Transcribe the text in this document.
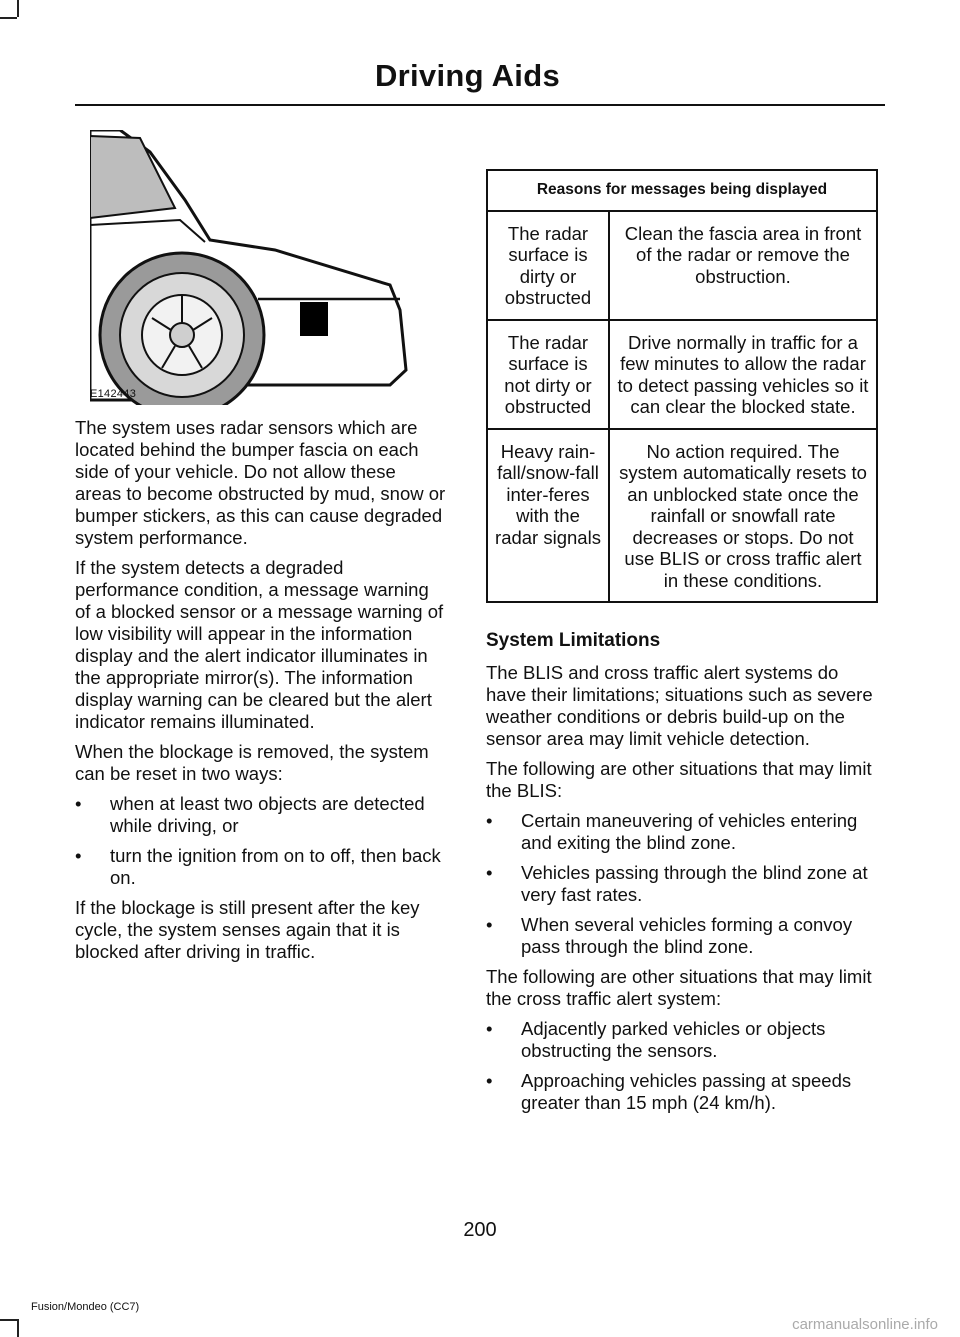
Driving Aids
E142443

The system uses radar sensors which are located behind the bumper fascia on each side of your vehicle. Do not allow these areas to become obstructed by mud, snow or bumper stickers, as this can cause degraded system performance.

If the system detects a degraded performance condition, a message warning of a blocked sensor or a message warning of low visibility will appear in the information display and the alert indicator illuminates in the appropriate mirror(s). The information display warning can be cleared but the alert indicator remains illuminated.

When the blockage is removed, the system can be reset in two ways:

• when at least two objects are detected while driving, or
• turn the ignition from on to off, then back on.

If the blockage is still present after the key cycle, the system senses again that it is blocked after driving in traffic.

Reasons for messages being displayed	
The radar surface is dirty or obstructed	Clean the fascia area in front of the radar or remove the obstruction.
The radar surface is not dirty or obstructed	Drive normally in traffic for a few minutes to allow the radar to detect passing vehicles so it can clear the blocked state.
Heavy rain-fall/snow-fall inter-feres with the radar signals	No action required. The system automatically resets to an unblocked state once the rainfall or snowfall rate decreases or stops. Do not use BLIS or cross traffic alert in these conditions.
System Limitations

The BLIS and cross traffic alert systems do have their limitations; situations such as severe weather conditions or debris build-up on the sensor area may limit vehicle detection.

The following are other situations that may limit the BLIS:

• Certain maneuvering of vehicles entering and exiting the blind zone.
• Vehicles passing through the blind zone at very fast rates.
• When several vehicles forming a convoy pass through the blind zone.

The following are other situations that may limit the cross traffic alert system:

• Adjacently parked vehicles or objects obstructing the sensors.
• Approaching vehicles passing at speeds greater than 15 mph (24 km/h).
200
Fusion/Mondeo (CC7)
carmanualsonline.info
